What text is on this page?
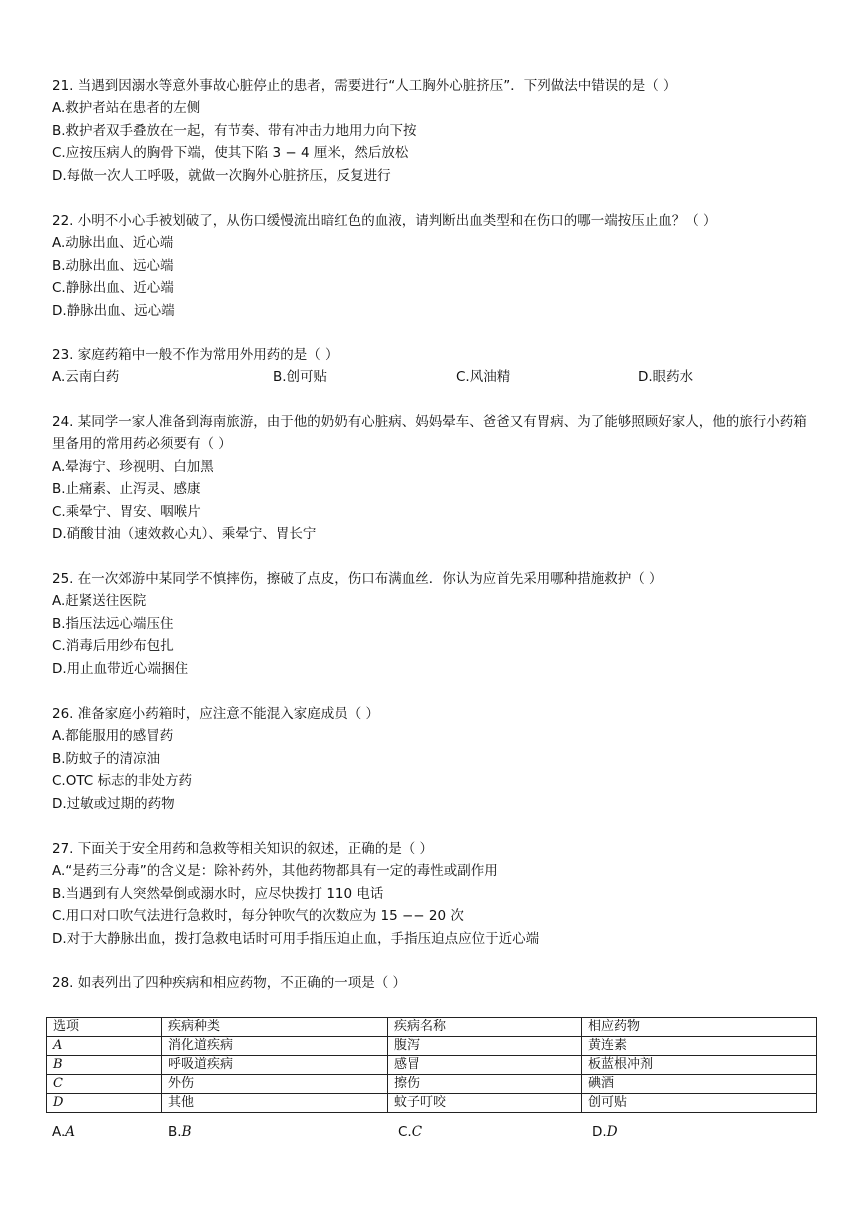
21. 当遇到因溺水等意外事故心脏停止的患者，需要进行“人工胸外心脏挤压”．下列做法中错误的是（ ）
A.救护者站在患者的左侧
B.救护者双手叠放在一起，有节奏、带有冲击力地用力向下按
C.应按压病人的胸骨下端，使其下陷 3 − 4 厘米，然后放松
D.每做一次人工呼吸，就做一次胸外心脏挤压，反复进行
22. 小明不小心手被划破了，从伤口缓慢流出暗红色的血液，请判断出血类型和在伤口的哪一端按压止血？（ ）
A.动脉出血、近心端
B.动脉出血、远心端
C.静脉出血、近心端
D.静脉出血、远心端
23. 家庭药箱中一般不作为常用外用药的是（ ）
A.云南白药	B.创可贴	C.风油精	D.眼药水
24. 某同学一家人准备到海南旅游，由于他的奶奶有心脏病、妈妈晕车、爸爸又有胃病、为了能够照顾好家人，他的旅行小药箱里备用的常用药必须要有（ ）
A.晕海宁、珍视明、白加黑
B.止痛素、止泻灵、感康
C.乘晕宁、胃安、咽喉片
D.硝酸甘油（速效救心丸）、乘晕宁、胃长宁
25. 在一次郊游中某同学不慎摔伤，擦破了点皮，伤口布满血丝．你认为应首先采用哪种措施救护（ ）
A.赶紧送往医院
B.指压法远心端压住
C.消毒后用纱布包扎
D.用止血带近心端捆住
26. 准备家庭小药箱时，应注意不能混入家庭成员（ ）
A.都能服用的感冒药
B.防蚊子的清凉油
C.OTC 标志的非处方药
D.过敏或过期的药物
27. 下面关于安全用药和急救等相关知识的叙述，正确的是（ ）
A.“是药三分毒”的含义是：除补药外，其他药物都具有一定的毒性或副作用
B.当遇到有人突然晕倒或溺水时，应尽快拨打 110 电话
C.用口对口吹气法进行急救时，每分钟吹气的次数应为 15 −− 20 次
D.对于大静脉出血，拨打急救电话时可用手指压迫止血，手指压迫点应位于近心端
28. 如表列出了四种疾病和相应药物，不正确的一项是（ ）
选项	疾病种类	疾病名称	相应药物
A	消化道疾病	腹泻	黄连素
B	呼吸道疾病	感冒	板蓝根冲剂
C	外伤	擦伤	碘酒
D	其他	蚊子叮咬	创可贴
A.A	B.B	C.C	D.D
